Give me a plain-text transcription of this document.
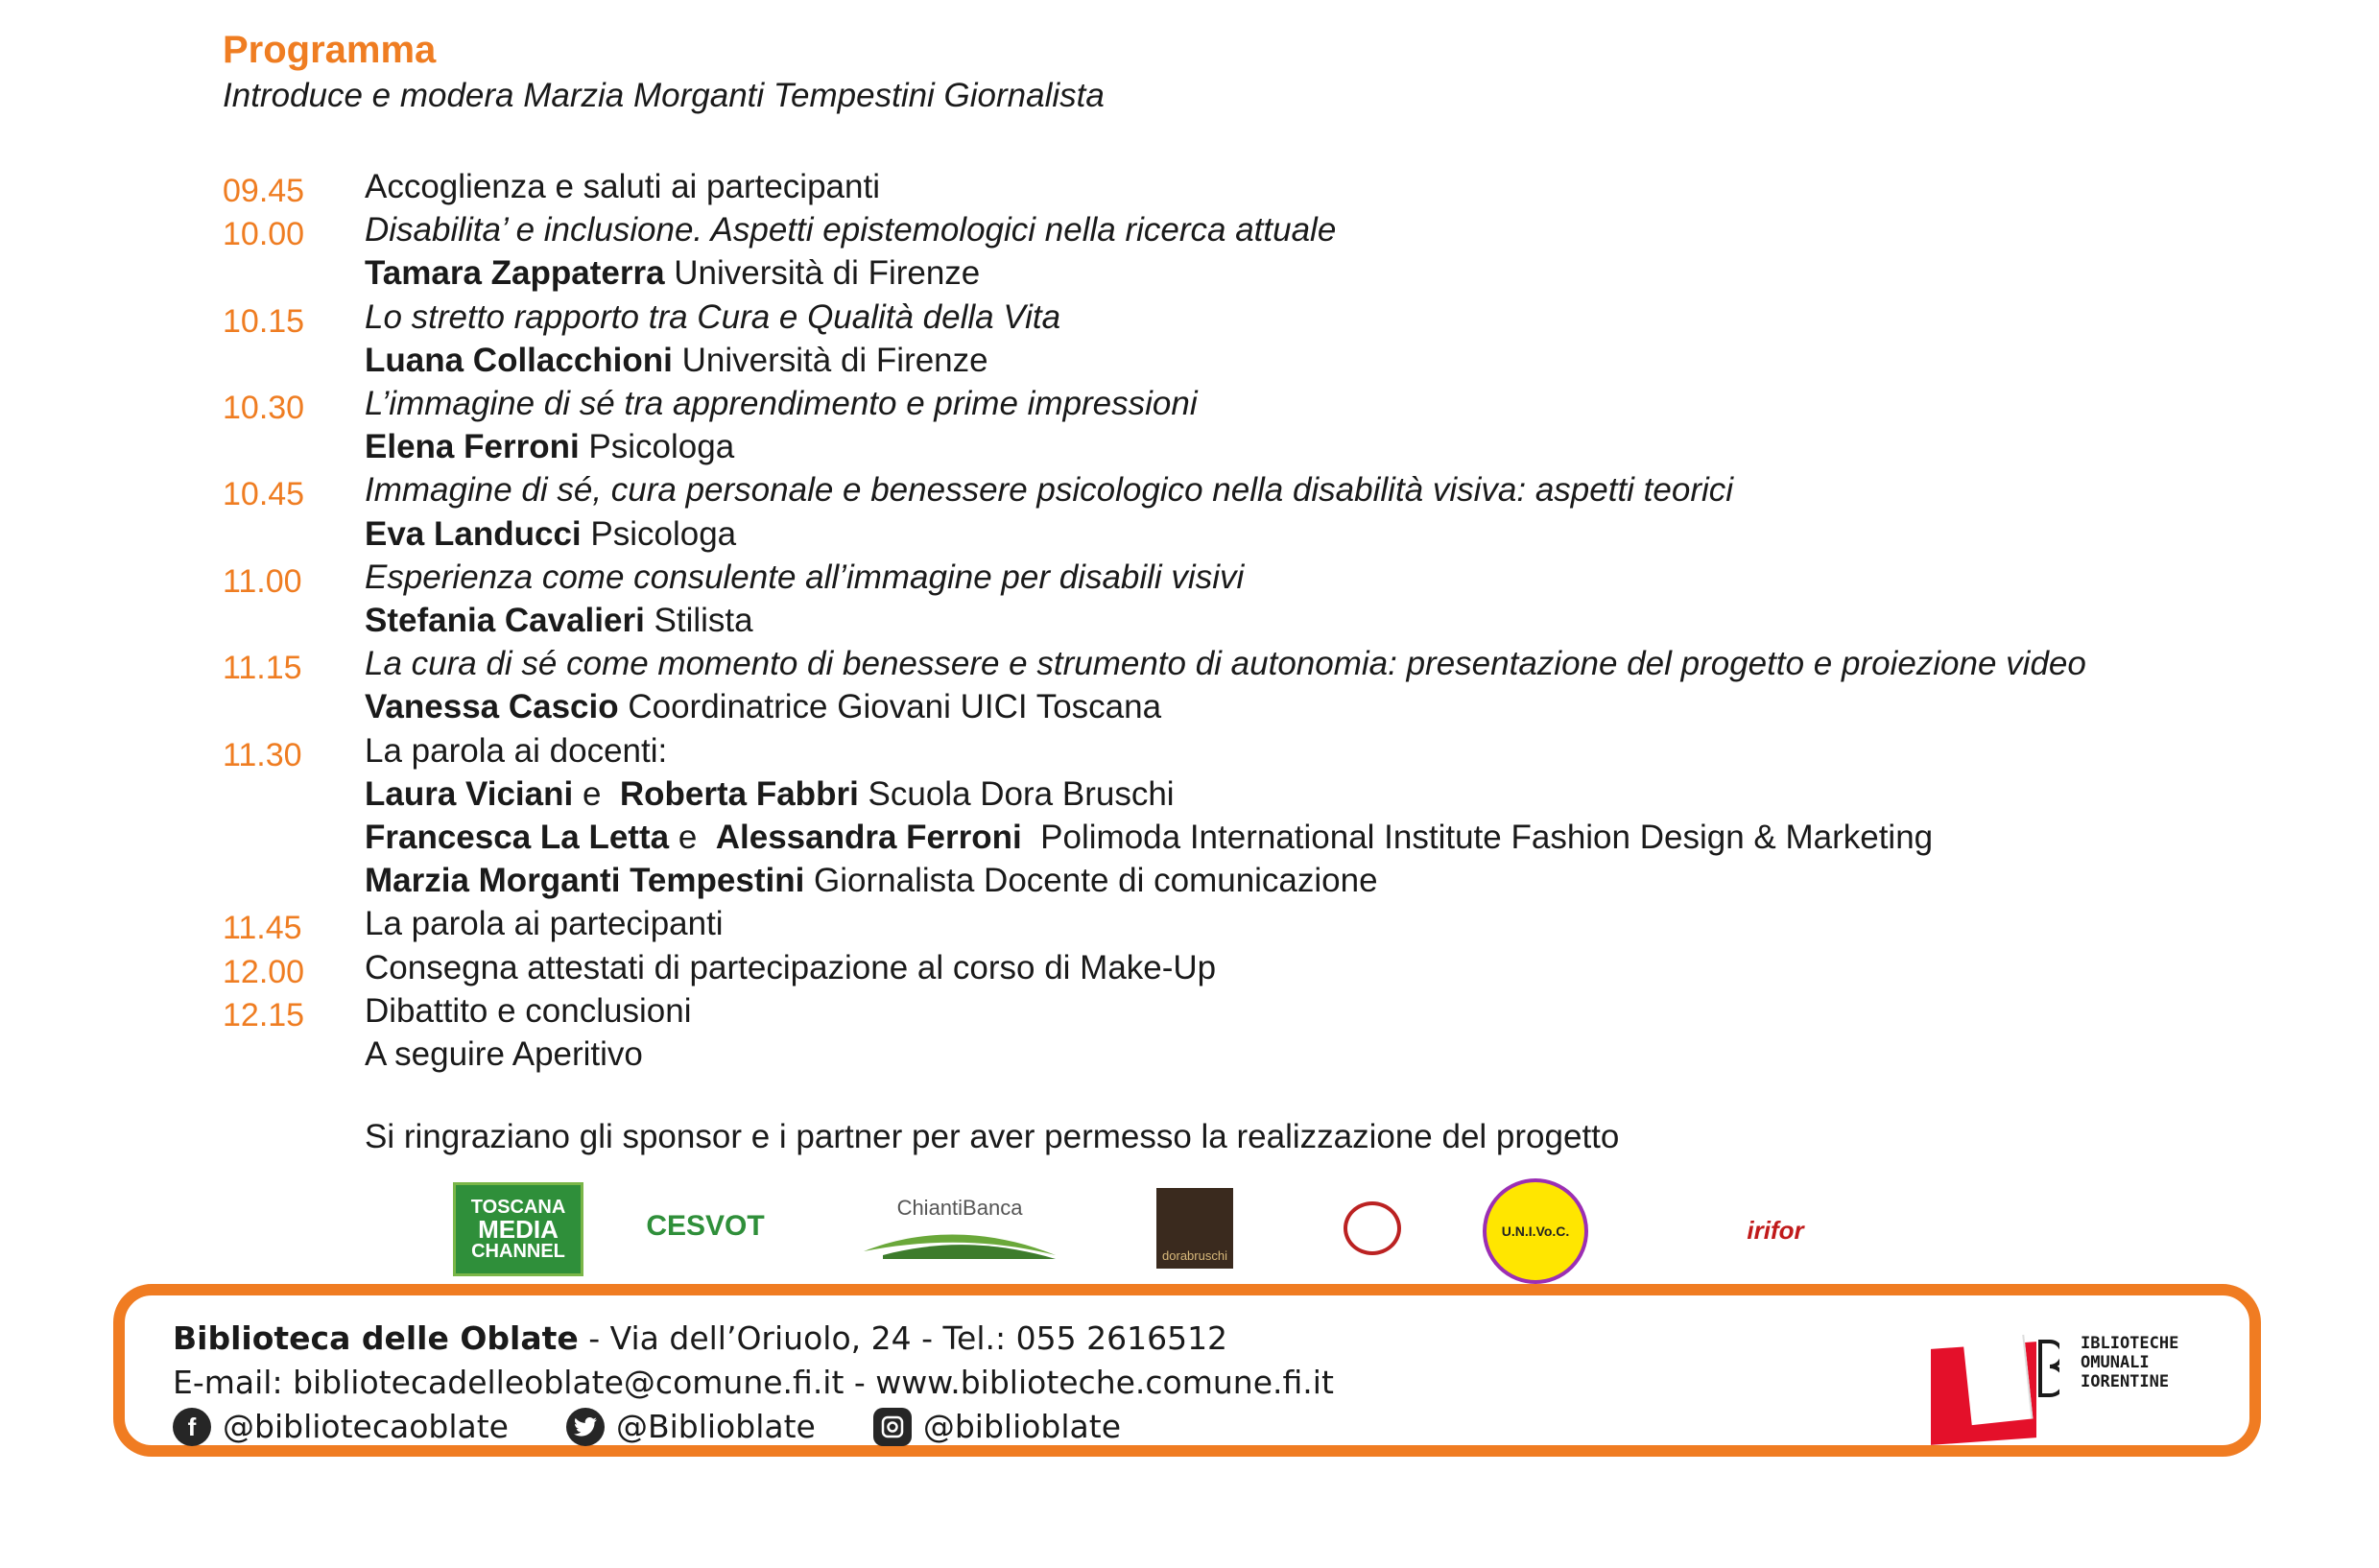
Programma
Introduce e modera Marzia Morganti Tempestini Giornalista
09.45	Accoglienza e saluti ai partecipanti
10.00	Disabilita’ e inclusione. Aspetti epistemologici nella ricerca attuale
Tamara Zappaterra Università di Firenze
10.15	Lo stretto rapporto tra Cura e Qualità della Vita
Luana Collacchioni Università di Firenze
10.30	L’immagine di sé tra apprendimento e prime impressioni
Elena Ferroni Psicologa
10.45	Immagine di sé, cura personale e benessere psicologico nella disabilità visiva: aspetti teorici
Eva Landucci Psicologa
11.00	Esperienza come consulente all’immagine per disabili visivi
Stefania Cavalieri Stilista
11.15	La cura di sé come momento di benessere e strumento di autonomia: presentazione del progetto e proiezione video
Vanessa Cascio Coordinatrice Giovani UICI Toscana
11.30	La parola ai docenti:
Laura Viciani e  Roberta Fabbri Scuola Dora Bruschi
Francesca La Letta e  Alessandra Ferroni  Polimoda International Institute Fashion Design & Marketing
Marzia Morganti Tempestini Giornalista Docente di comunicazione
11.45	La parola ai partecipanti
12.00	Consegna attestati di partecipazione al corso di Make-Up
12.15	Dibattito e conclusioni
A seguire Aperitivo
Si ringraziano gli sponsor e i partner per aver permesso la realizzazione del progetto
TOSCANA
MEDIA
CHANNEL
CESVOT
ChiantiBanca
dorabruschi
U.N.I.Vo.C.	irifor
Biblioteca delle Oblate - Via dell’Oriuolo, 24 - Tel.: 055 2616512
E-mail: bibliotecadelleoblate@comune.fi.it - www.biblioteche.comune.fi.it
f @bibliotecaoblate	@Biblioblate	@biblioblate
IBLIOTECHE
OMUNALI
IORENTINE
